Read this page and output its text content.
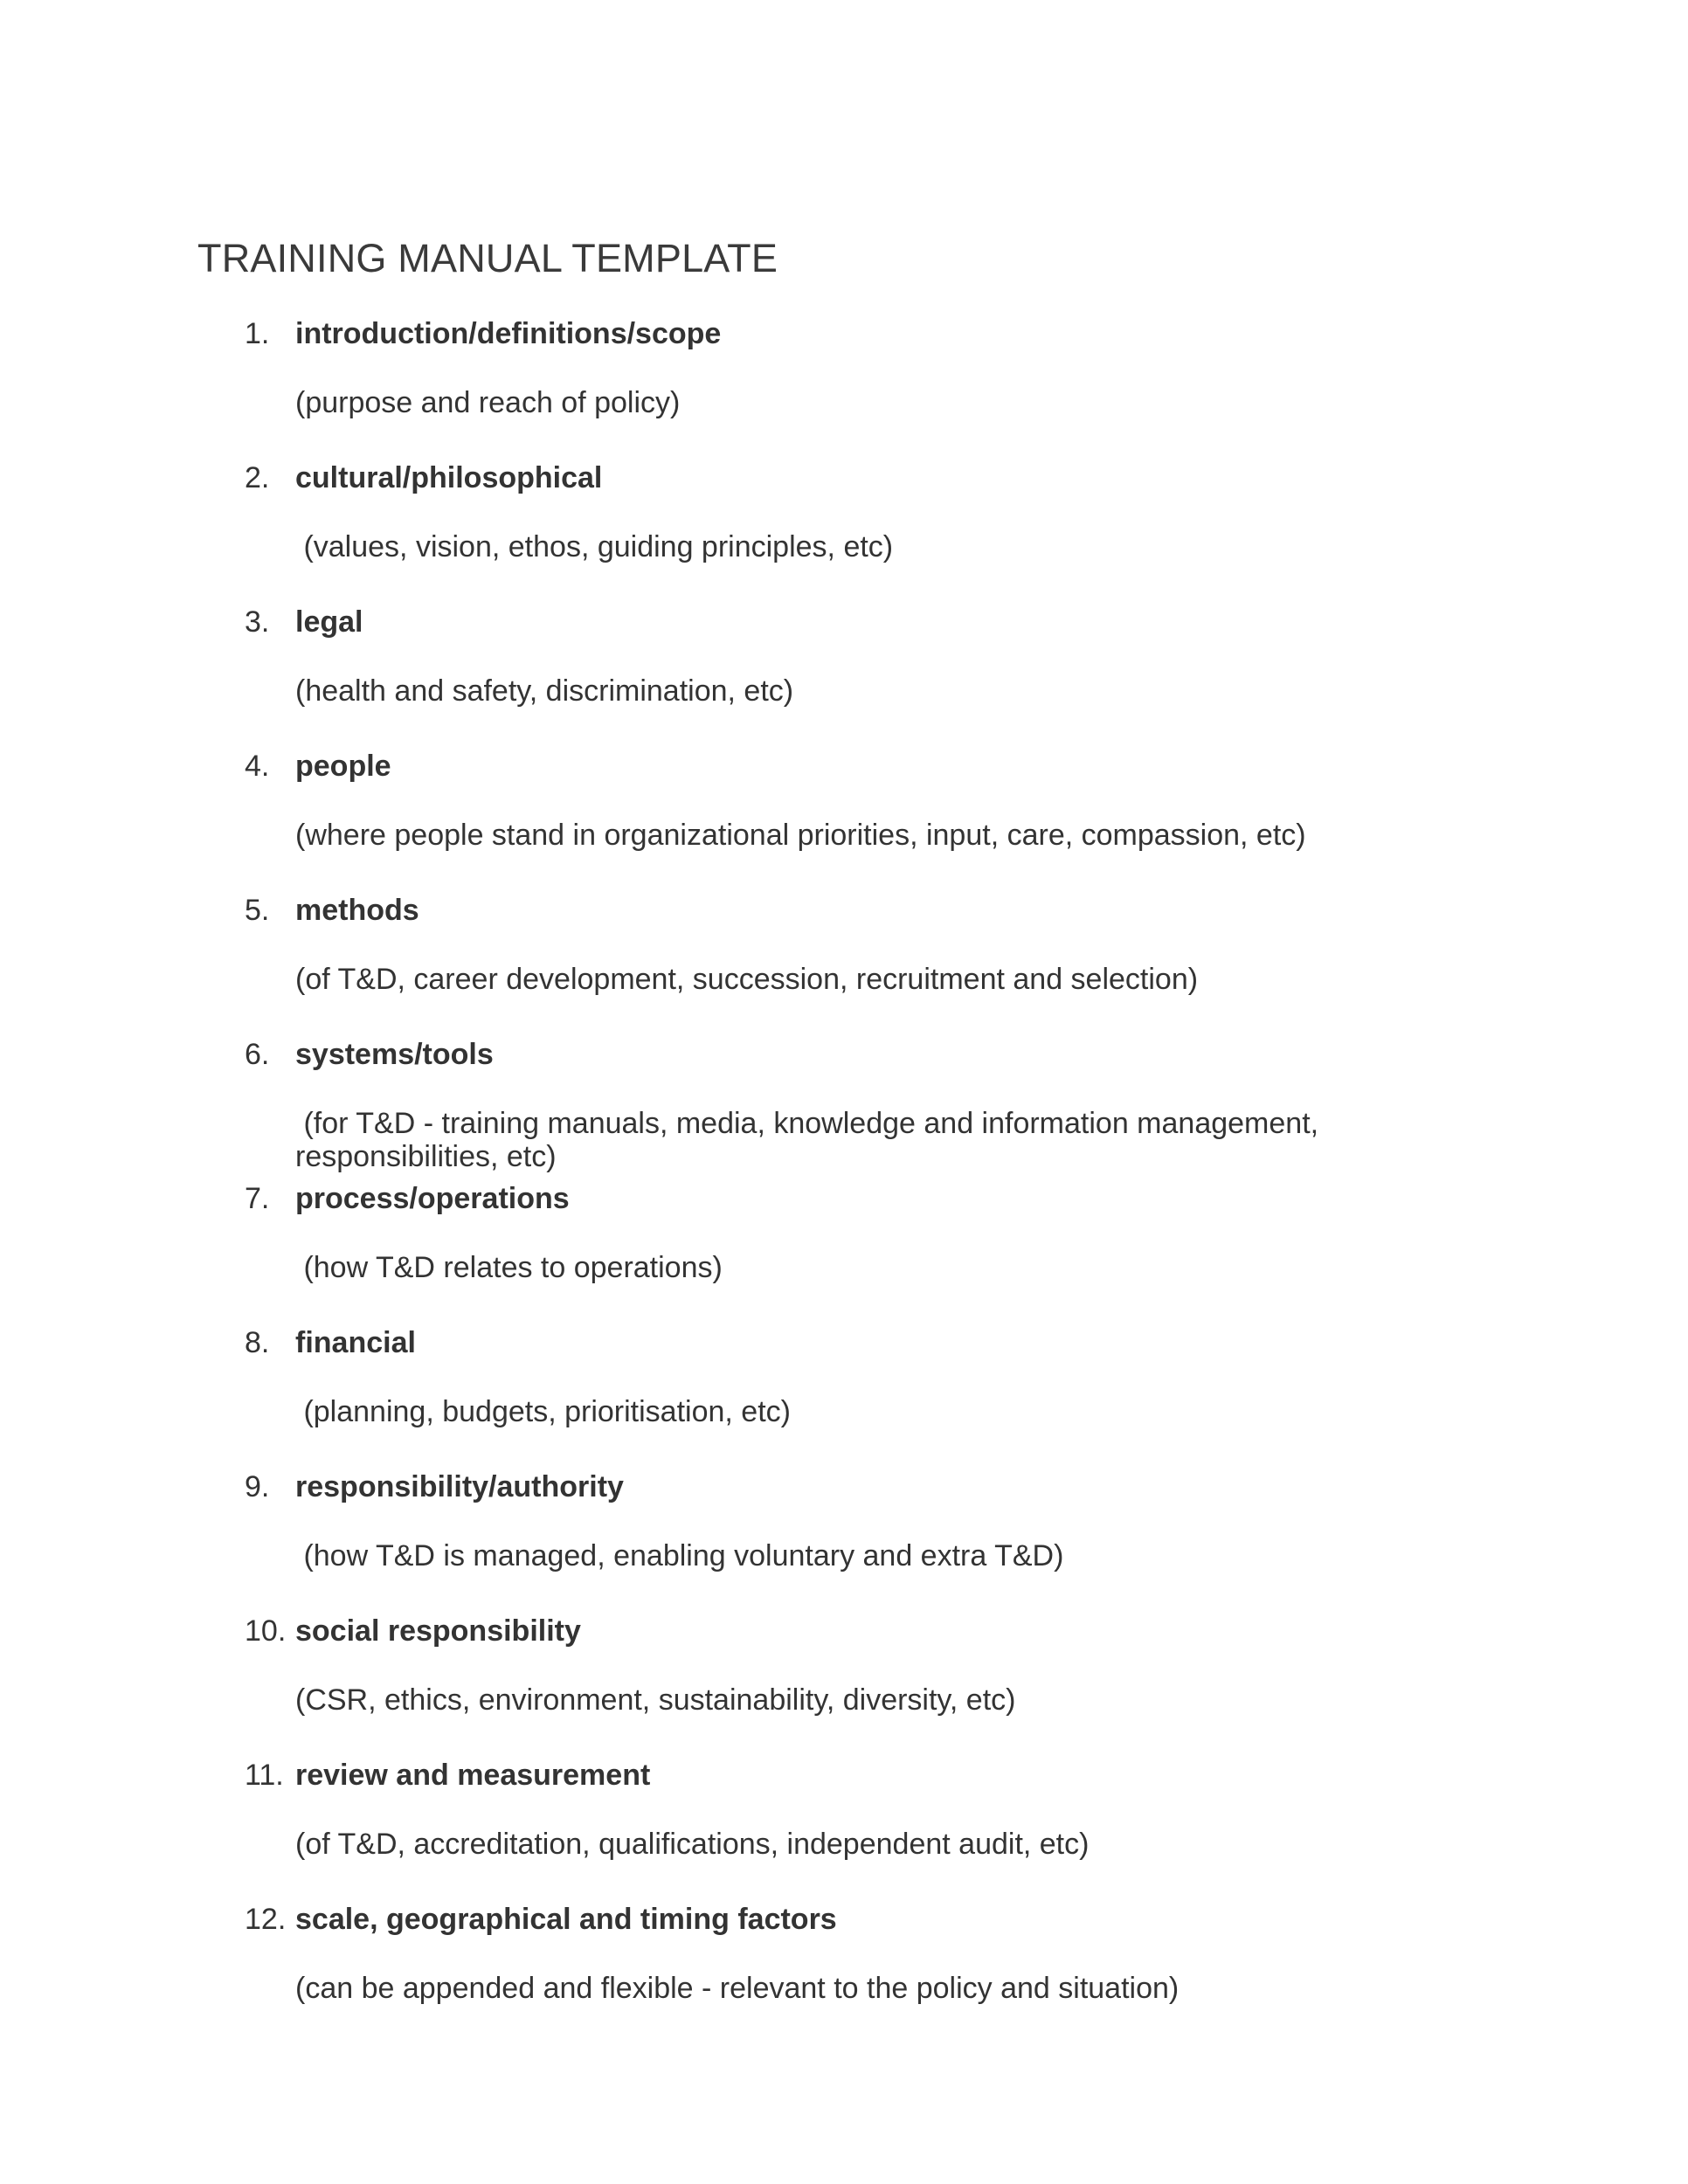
TRAINING MANUAL TEMPLATE
1. introduction/definitions/scope
(purpose and reach of policy)
2. cultural/philosophical
(values, vision, ethos, guiding principles, etc)
3. legal
(health and safety, discrimination, etc)
4. people
(where people stand in organizational priorities, input, care, compassion, etc)
5. methods
(of T&D, career development, succession, recruitment and selection)
6. systems/tools
(for T&D - training manuals, media, knowledge and information management,
responsibilities, etc)
7. process/operations
(how T&D relates to operations)
8. financial
(planning, budgets, prioritisation, etc)
9. responsibility/authority
(how T&D is managed, enabling voluntary and extra T&D)
10. social responsibility
(CSR, ethics, environment, sustainability, diversity, etc)
11. review and measurement
(of T&D, accreditation, qualifications, independent audit, etc)
12. scale, geographical and timing factors
(can be appended and flexible - relevant to the policy and situation)
